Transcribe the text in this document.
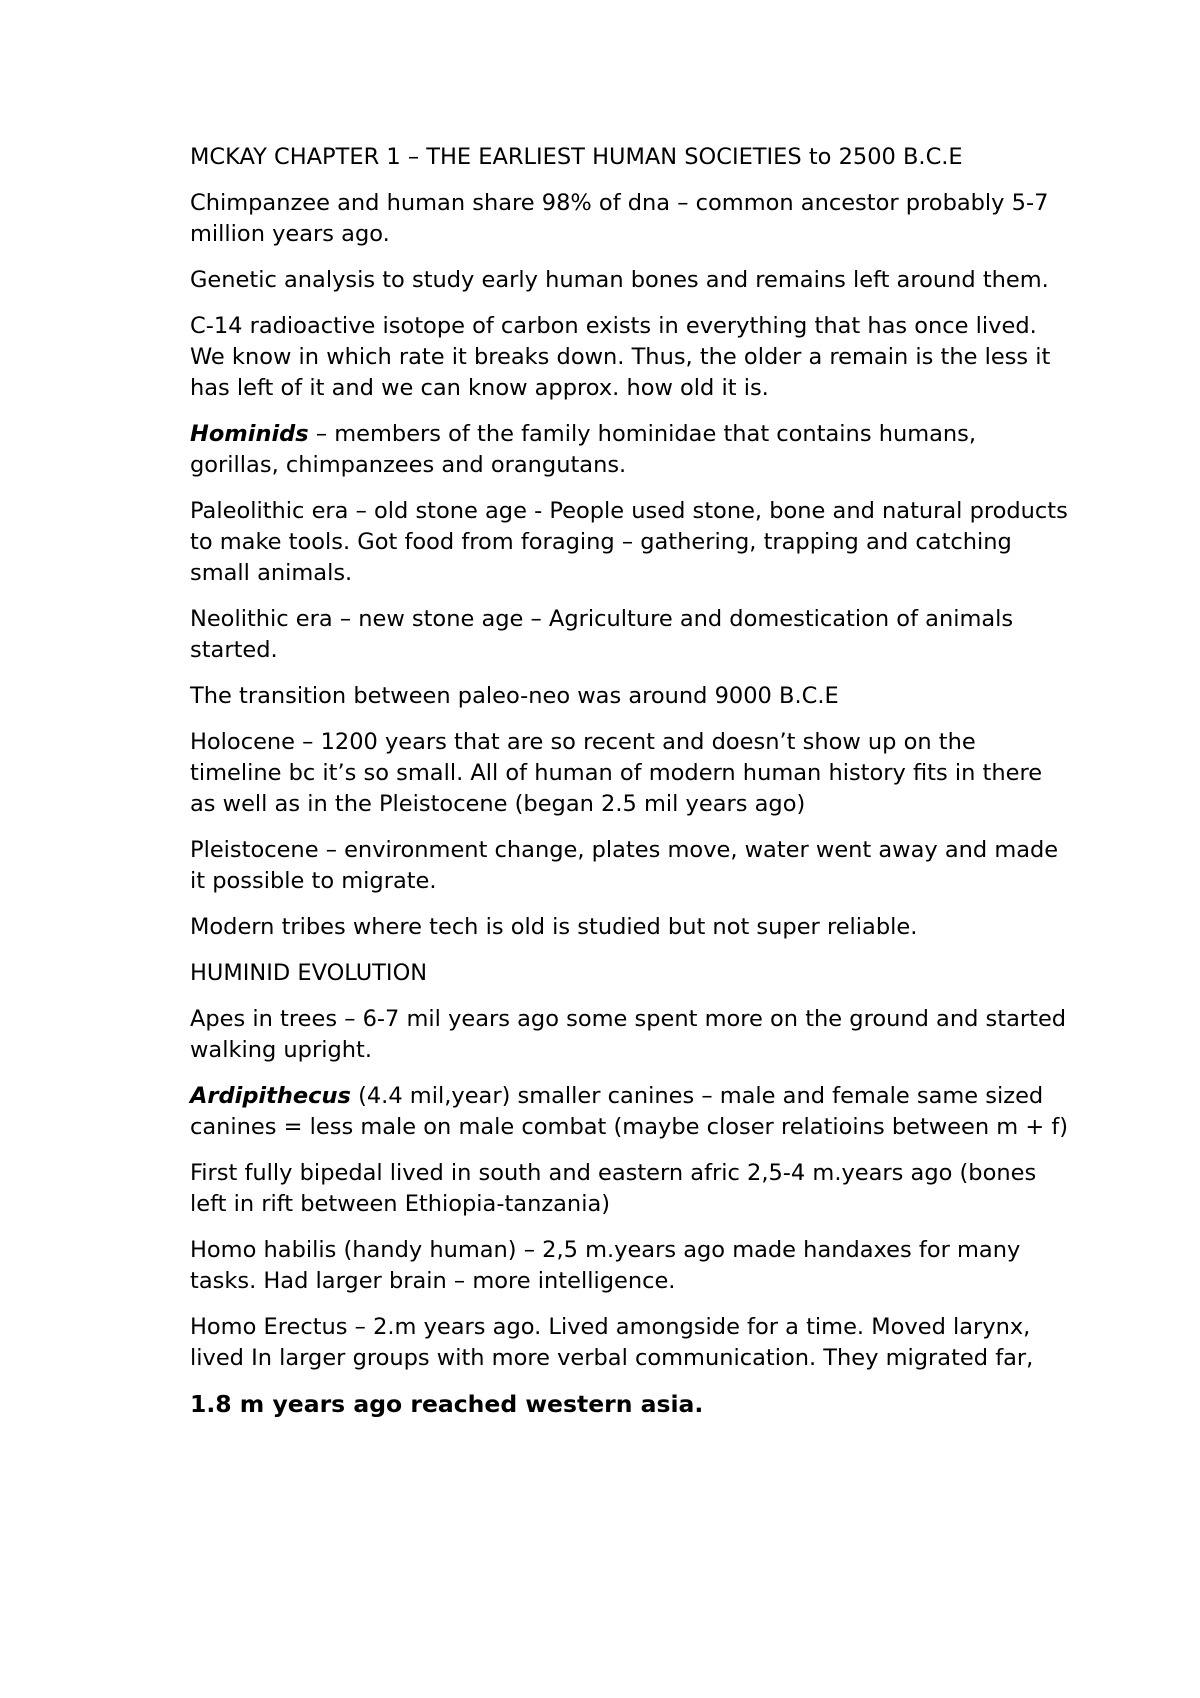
MCKAY CHAPTER 1 – THE EARLIEST HUMAN SOCIETIES to 2500 B.C.E

Chimpanzee and human share 98% of dna – common ancestor probably 5-7 million years ago.

Genetic analysis to study early human bones and remains left around them.

C-14 radioactive isotope of carbon exists in everything that has once lived. We know in which rate it breaks down. Thus, the older a remain is the less it has left of it and we can know approx. how old it is.

Hominids – members of the family hominidae that contains humans, gorillas, chimpanzees and orangutans.

Paleolithic era – old stone age - People used stone, bone and natural products to make tools. Got food from foraging – gathering, trapping and catching small animals.

Neolithic era – new stone age – Agriculture and domestication of animals started.

The transition between paleo-neo was around 9000 B.C.E

Holocene – 1200 years that are so recent and doesn’t show up on the timeline bc it’s so small. All of human of modern human history fits in there as well as in the Pleistocene (began 2.5 mil years ago)

Pleistocene – environment change, plates move, water went away and made it possible to migrate.

Modern tribes where tech is old is studied but not super reliable.

HUMINID EVOLUTION

Apes in trees – 6-7 mil years ago some spent more on the ground and started walking upright.

Ardipithecus (4.4 mil,year) smaller canines – male and female same sized canines = less male on male combat (maybe closer relatioins between m + f)

First fully bipedal lived in south and eastern afric 2,5-4 m.years ago (bones left in rift between Ethiopia-tanzania)

Homo habilis (handy human) – 2,5 m.years ago made handaxes for many tasks. Had larger brain – more intelligence.

Homo Erectus – 2.m years ago. Lived amongside for a time. Moved larynx, lived In larger groups with more verbal communication. They migrated far,

1.8 m years ago reached western asia.
